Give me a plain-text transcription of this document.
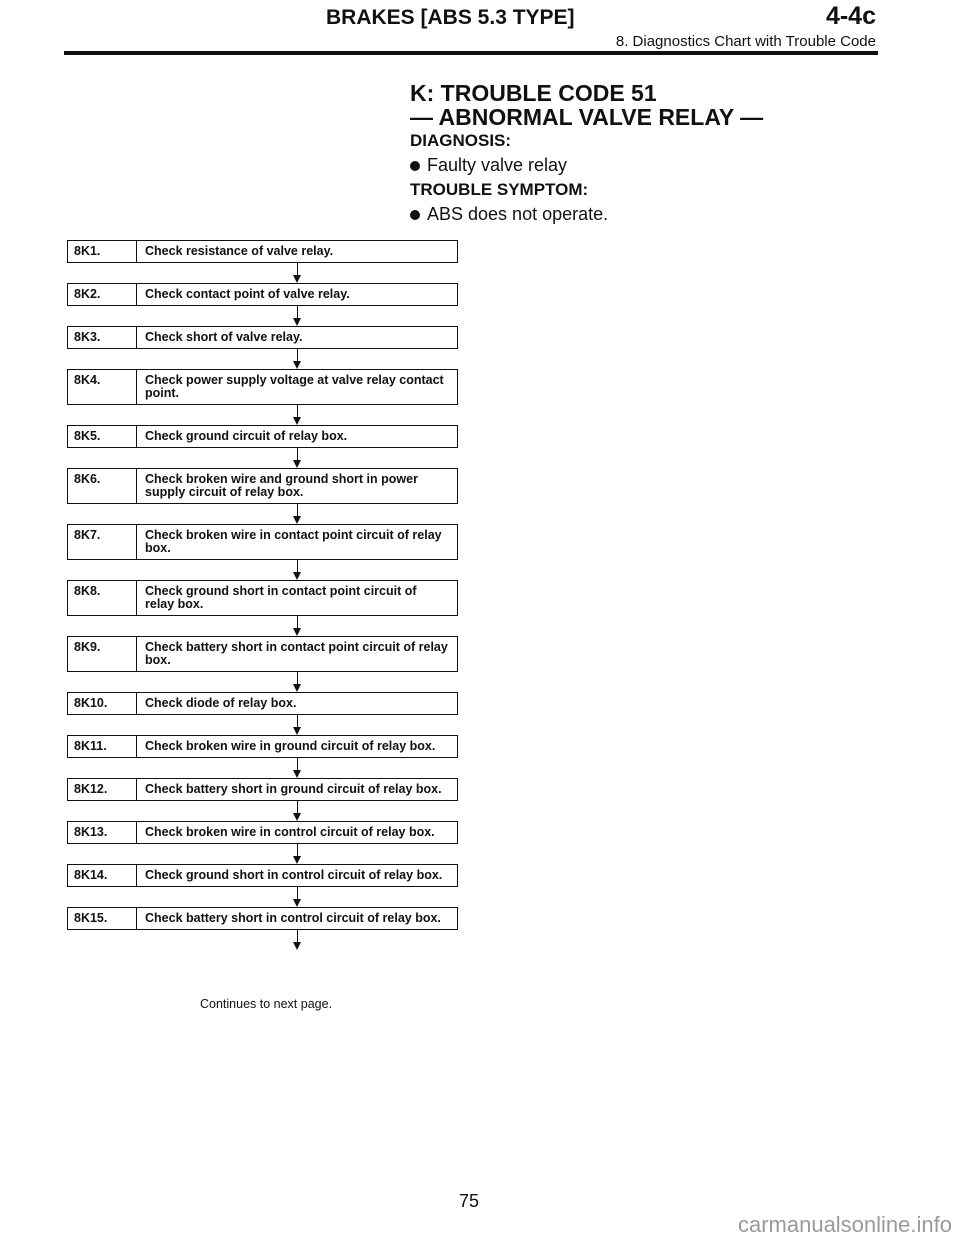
BRAKES [ABS 5.3 TYPE]	4-4c
8. Diagnostics Chart with Trouble Code
K: TROUBLE CODE 51
— ABNORMAL VALVE RELAY —
DIAGNOSIS:
Faulty valve relay
TROUBLE SYMPTOM:
ABS does not operate.
8K1.	Check resistance of valve relay.
8K2.	Check contact point of valve relay.
8K3.	Check short of valve relay.
8K4.	Check power supply voltage at valve relay contact point.
8K5.	Check ground circuit of relay box.
8K6.	Check broken wire and ground short in power supply circuit of relay box.
8K7.	Check broken wire in contact point circuit of relay box.
8K8.	Check ground short in contact point circuit of relay box.
8K9.	Check battery short in contact point circuit of relay box.
8K10.	Check diode of relay box.
8K11.	Check broken wire in ground circuit of relay box.
8K12.	Check battery short in ground circuit of relay box.
8K13.	Check broken wire in control circuit of relay box.
8K14.	Check ground short in control circuit of relay box.
8K15.	Check battery short in control circuit of relay box.
Continues to next page.
75
carmanualsonline.info
